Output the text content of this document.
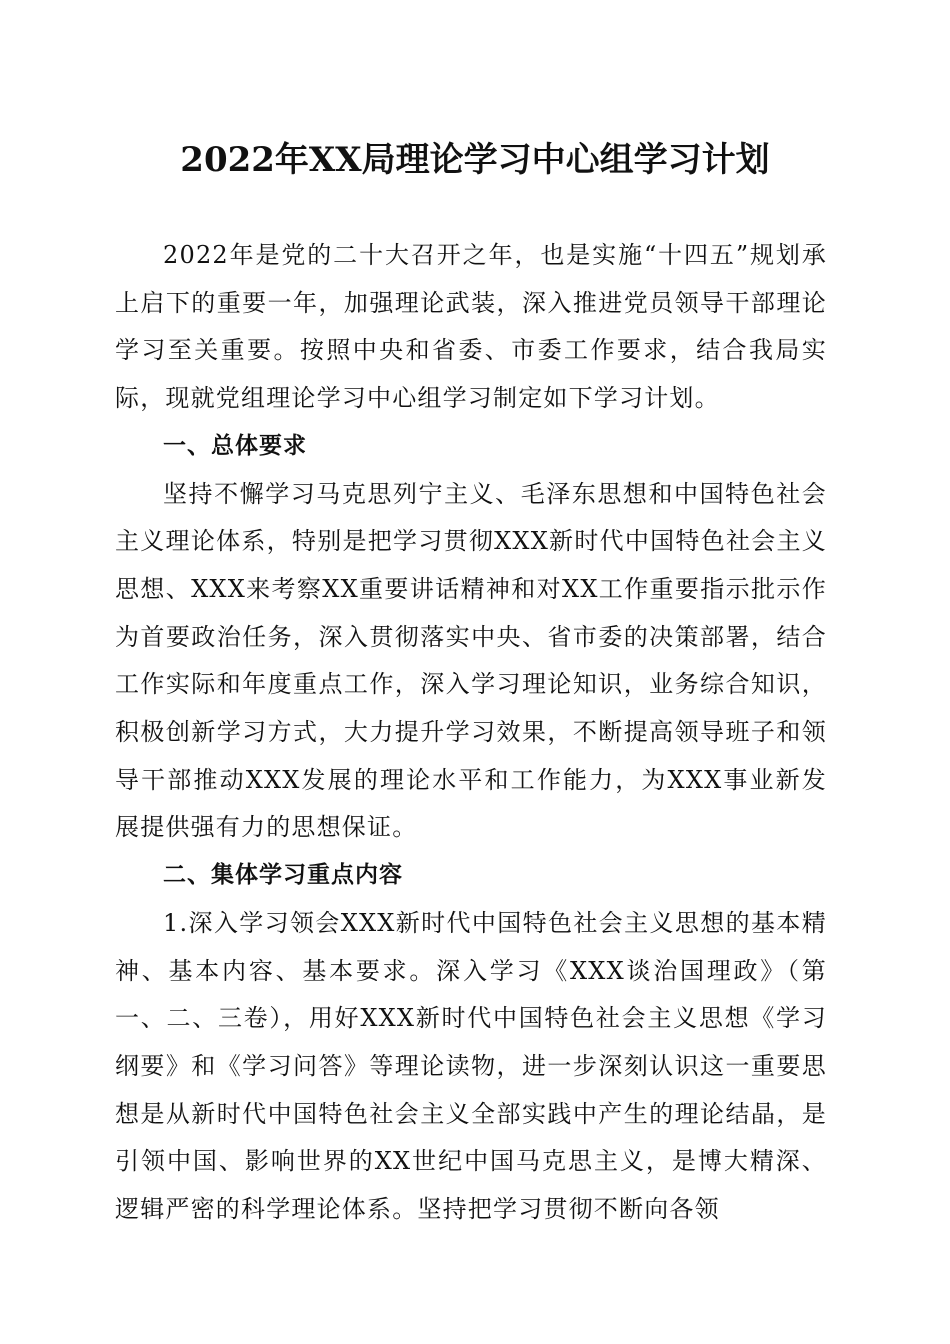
2022年XX局理论学习中心组学习计划

2022年是党的二十大召开之年，也是实施“十四五”规划承上启下的重要一年，加强理论武装，深入推进党员领导干部理论学习至关重要。按照中央和省委、市委工作要求，结合我局实际，现就党组理论学习中心组学习制定如下学习计划。

一、总体要求

坚持不懈学习马克思列宁主义、毛泽东思想和中国特色社会主义理论体系，特别是把学习贯彻XXX新时代中国特色社会主义思想、XXX来考察XX重要讲话精神和对XX工作重要指示批示作为首要政治任务，深入贯彻落实中央、省市委的决策部署，结合工作实际和年度重点工作，深入学习理论知识，业务综合知识，积极创新学习方式，大力提升学习效果，不断提高领导班子和领导干部推动XXX发展的理论水平和工作能力，为XXX事业新发展提供强有力的思想保证。

二、集体学习重点内容

1.深入学习领会XXX新时代中国特色社会主义思想的基本精神、基本内容、基本要求。深入学习《XXX谈治国理政》（第一、二、三卷），用好XXX新时代中国特色社会主义思想《学习纲要》和《学习问答》等理论读物，进一步深刻认识这一重要思想是从新时代中国特色社会主义全部实践中产生的理论结晶，是引领中国、影响世界的XX世纪中国马克思主义，是博大精深、逻辑严密的科学理论体系。坚持把学习贯彻不断向各领
